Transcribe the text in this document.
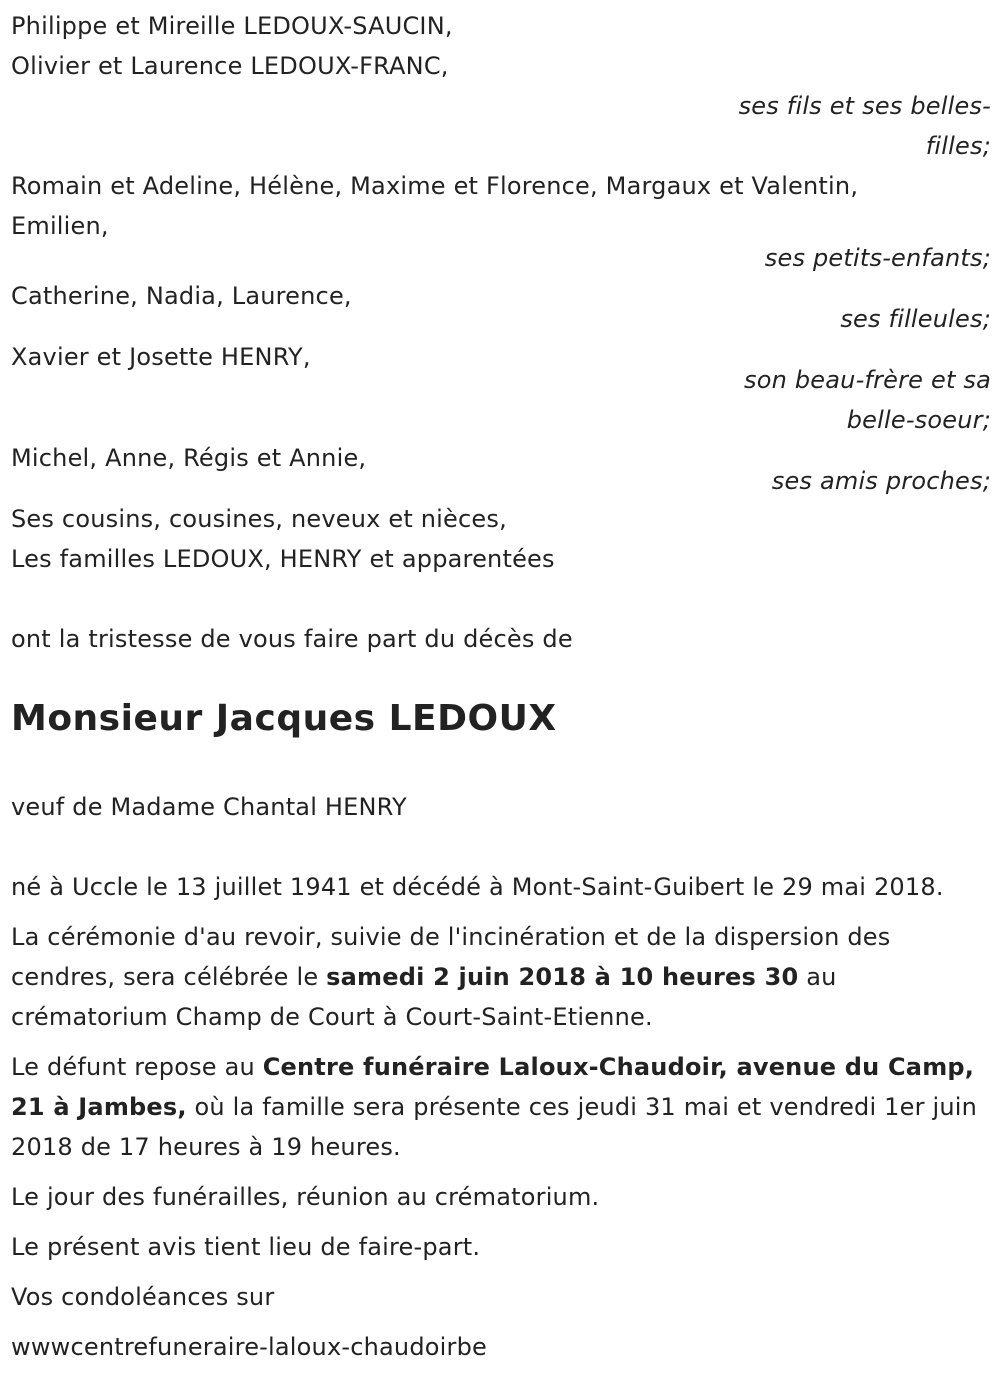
Philippe et Mireille LEDOUX-SAUCIN,
Olivier et Laurence LEDOUX-FRANC,
ses fils et ses belles-
filles;
Romain et Adeline, Hélène, Maxime et Florence, Margaux et Valentin,
Emilien,
ses petits-enfants;
Catherine, Nadia, Laurence,
ses filleules;
Xavier et Josette HENRY,
son beau-frère et sa
belle-soeur;
Michel, Anne, Régis et Annie,
ses amis proches;
Ses cousins, cousines, neveux et nièces,
Les familles LEDOUX, HENRY et apparentées
ont la tristesse de vous faire part du décès de
Monsieur Jacques LEDOUX
veuf de Madame Chantal HENRY
né à Uccle le 13 juillet 1941 et décédé à Mont-Saint-Guibert le 29 mai 2018.
La cérémonie d'au revoir, suivie de l'incinération et de la dispersion des cendres, sera célébrée le samedi 2 juin 2018 à 10 heures 30 au crématorium Champ de Court à Court-Saint-Etienne.
Le défunt repose au Centre funéraire Laloux-Chaudoir, avenue du Camp, 21 à Jambes, où la famille sera présente ces jeudi 31 mai et vendredi 1er juin 2018 de 17 heures à 19 heures.
Le jour des funérailles, réunion au crématorium.
Le présent avis tient lieu de faire-part.
Vos condoléances sur
wwwcentrefuneraire-laloux-chaudoirbe
